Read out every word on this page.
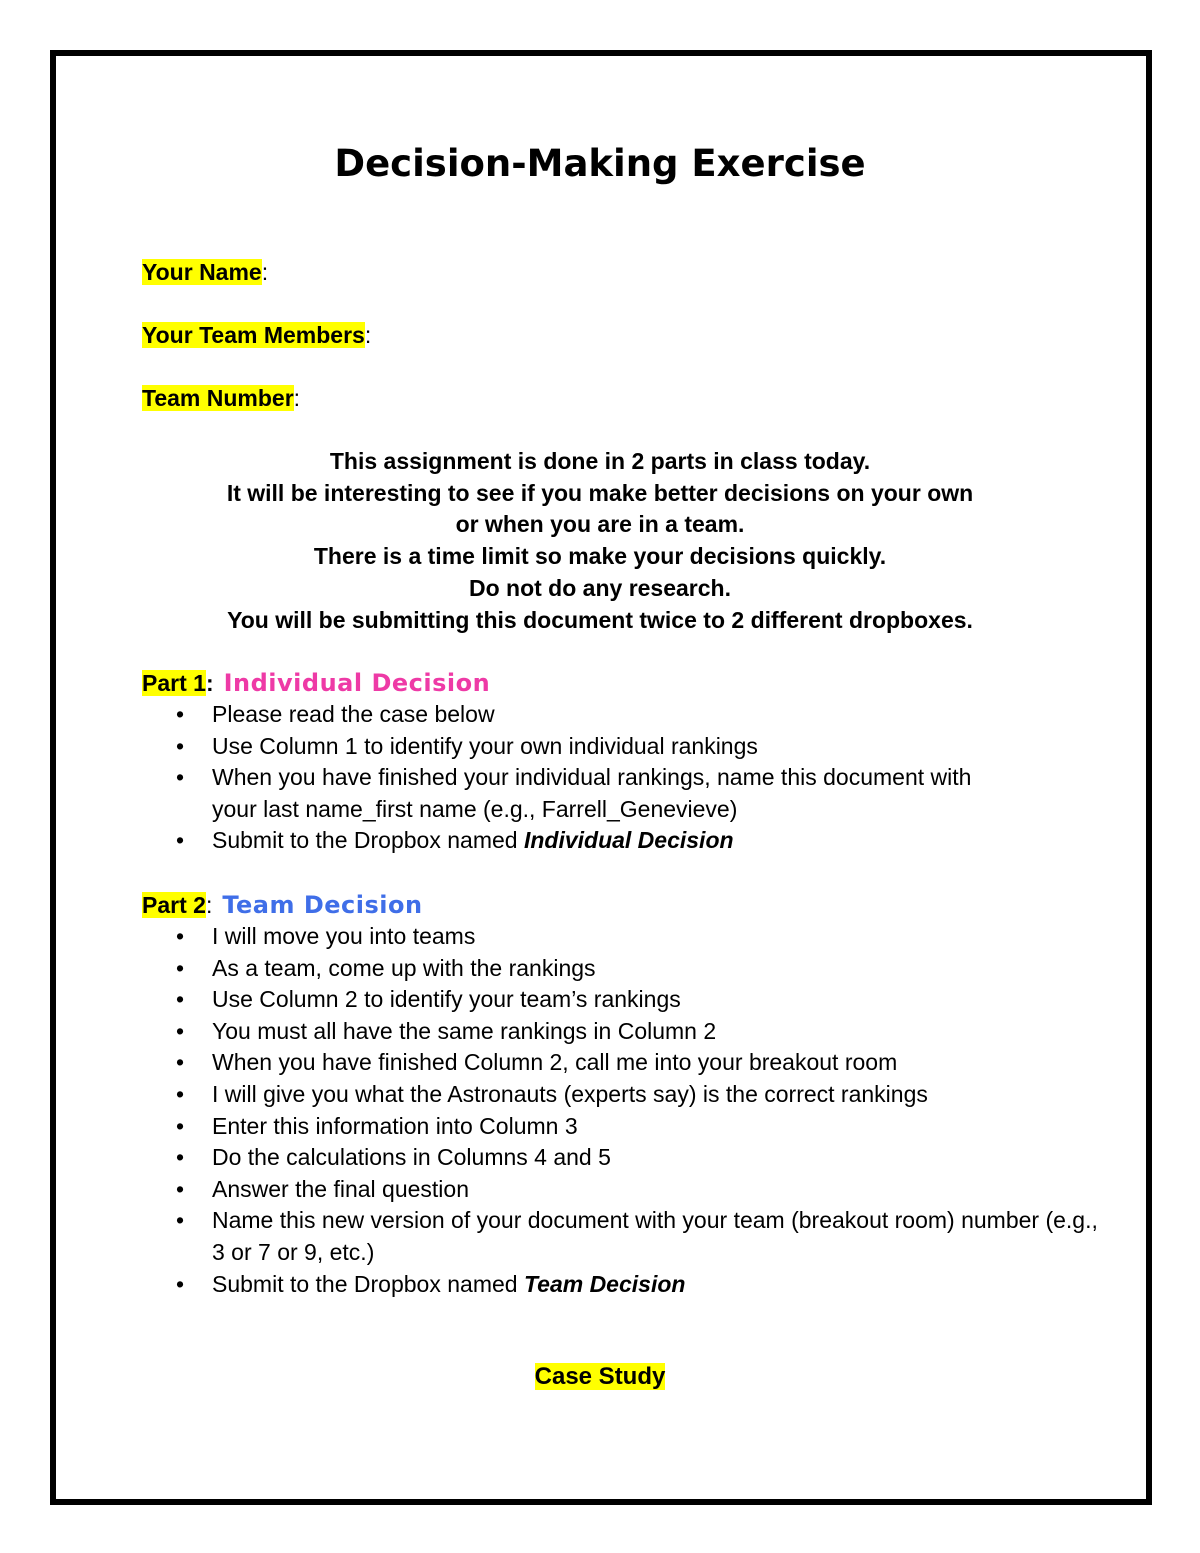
Decision-Making Exercise
Your Name:
Your Team Members:
Team Number:
This assignment is done in 2 parts in class today.
It will be interesting to see if you make better decisions on your own
or when you are in a team.
There is a time limit so make your decisions quickly.
Do not do any research.
You will be submitting this document twice to 2 different dropboxes.
Part 1: Individual Decision
• Please read the case below
• Use Column 1 to identify your own individual rankings
• When you have finished your individual rankings, name this document with your last name_first name (e.g., Farrell_Genevieve)
• Submit to the Dropbox named Individual Decision
Part 2: Team Decision
• I will move you into teams
• As a team, come up with the rankings
• Use Column 2 to identify your team’s rankings
• You must all have the same rankings in Column 2
• When you have finished Column 2, call me into your breakout room
• I will give you what the Astronauts (experts say) is the correct rankings
• Enter this information into Column 3
• Do the calculations in Columns 4 and 5
• Answer the final question
• Name this new version of your document with your team (breakout room) number (e.g., 3 or 7 or 9, etc.)
• Submit to the Dropbox named Team Decision
Case Study
